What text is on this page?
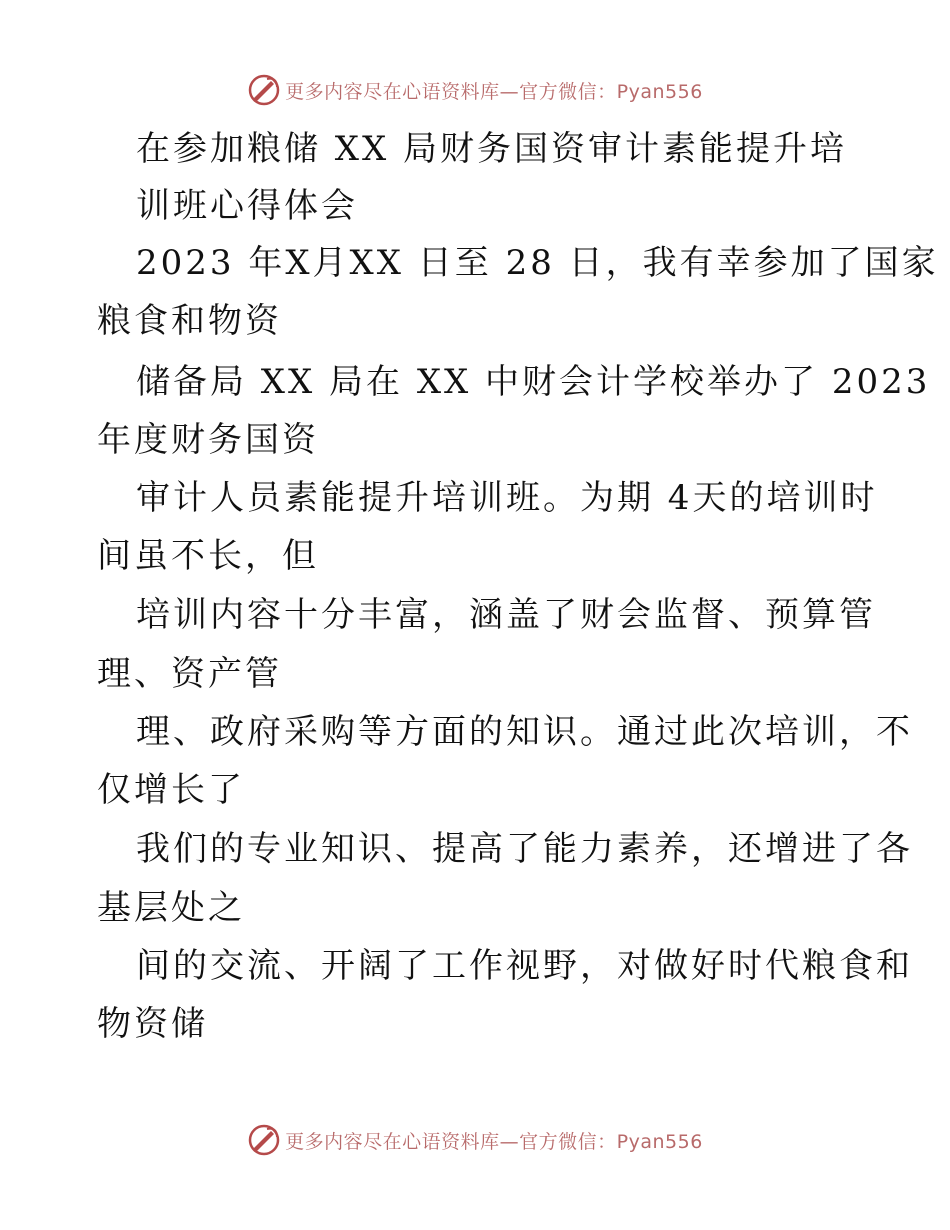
更多内容尽在心语资料库—官方微信：Pyan556
在参加粮储 XX 局财务国资审计素能提升培
训班心得体会
2023 年X月XX 日至 28 日，我有幸参加了国家
粮食和物资
储备局 XX 局在 XX 中财会计学校举办了 2023
年度财务国资
审计人员素能提升培训班。为期 4天的培训时
间虽不长，但
培训内容十分丰富，涵盖了财会监督、预算管
理、资产管
理、政府采购等方面的知识。通过此次培训，不
仅增长了
我们的专业知识、提高了能力素养，还增进了各
基层处之
间的交流、开阔了工作视野，对做好时代粮食和
物资储
更多内容尽在心语资料库—官方微信：Pyan556
